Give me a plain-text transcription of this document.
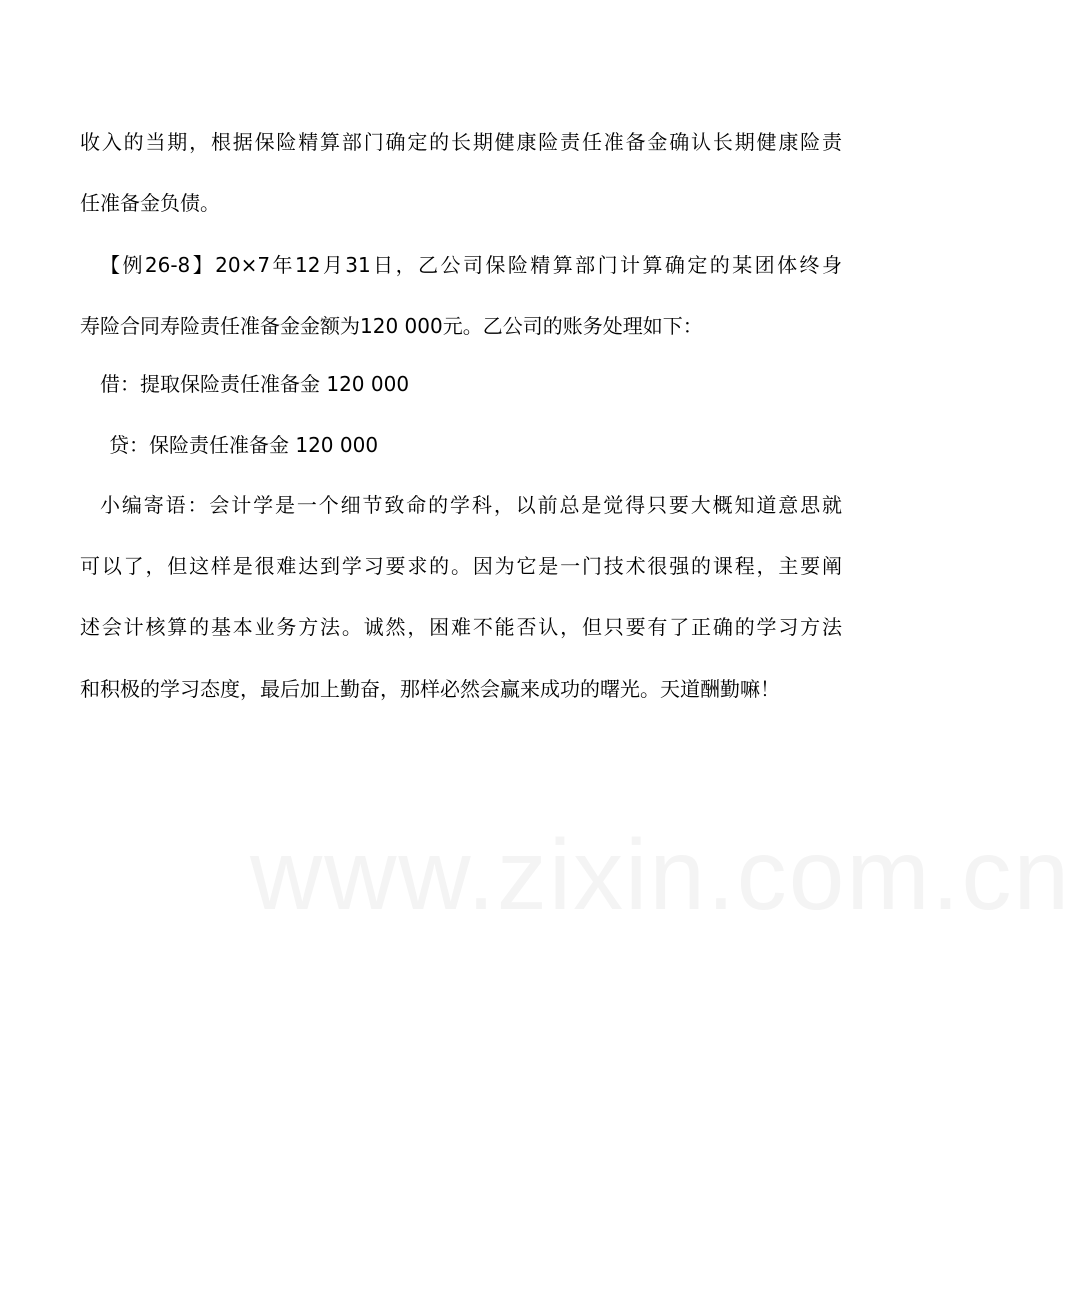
www.zixin.com.cn
收入的当期，根据保险精算部门确定的长期健康险责任准备金确认长期健康险责
任准备金负债。
【例26-8】20×7年12月31日，乙公司保险精算部门计算确定的某团体终身
寿险合同寿险责任准备金金额为120 000元。乙公司的账务处理如下：
借：提取保险责任准备金 120 000
贷：保险责任准备金 120 000
小编寄语：会计学是一个细节致命的学科，以前总是觉得只要大概知道意思就
可以了，但这样是很难达到学习要求的。因为它是一门技术很强的课程，主要阐
述会计核算的基本业务方法。诚然，困难不能否认，但只要有了正确的学习方法
和积极的学习态度，最后加上勤奋，那样必然会赢来成功的曙光。天道酬勤嘛！
